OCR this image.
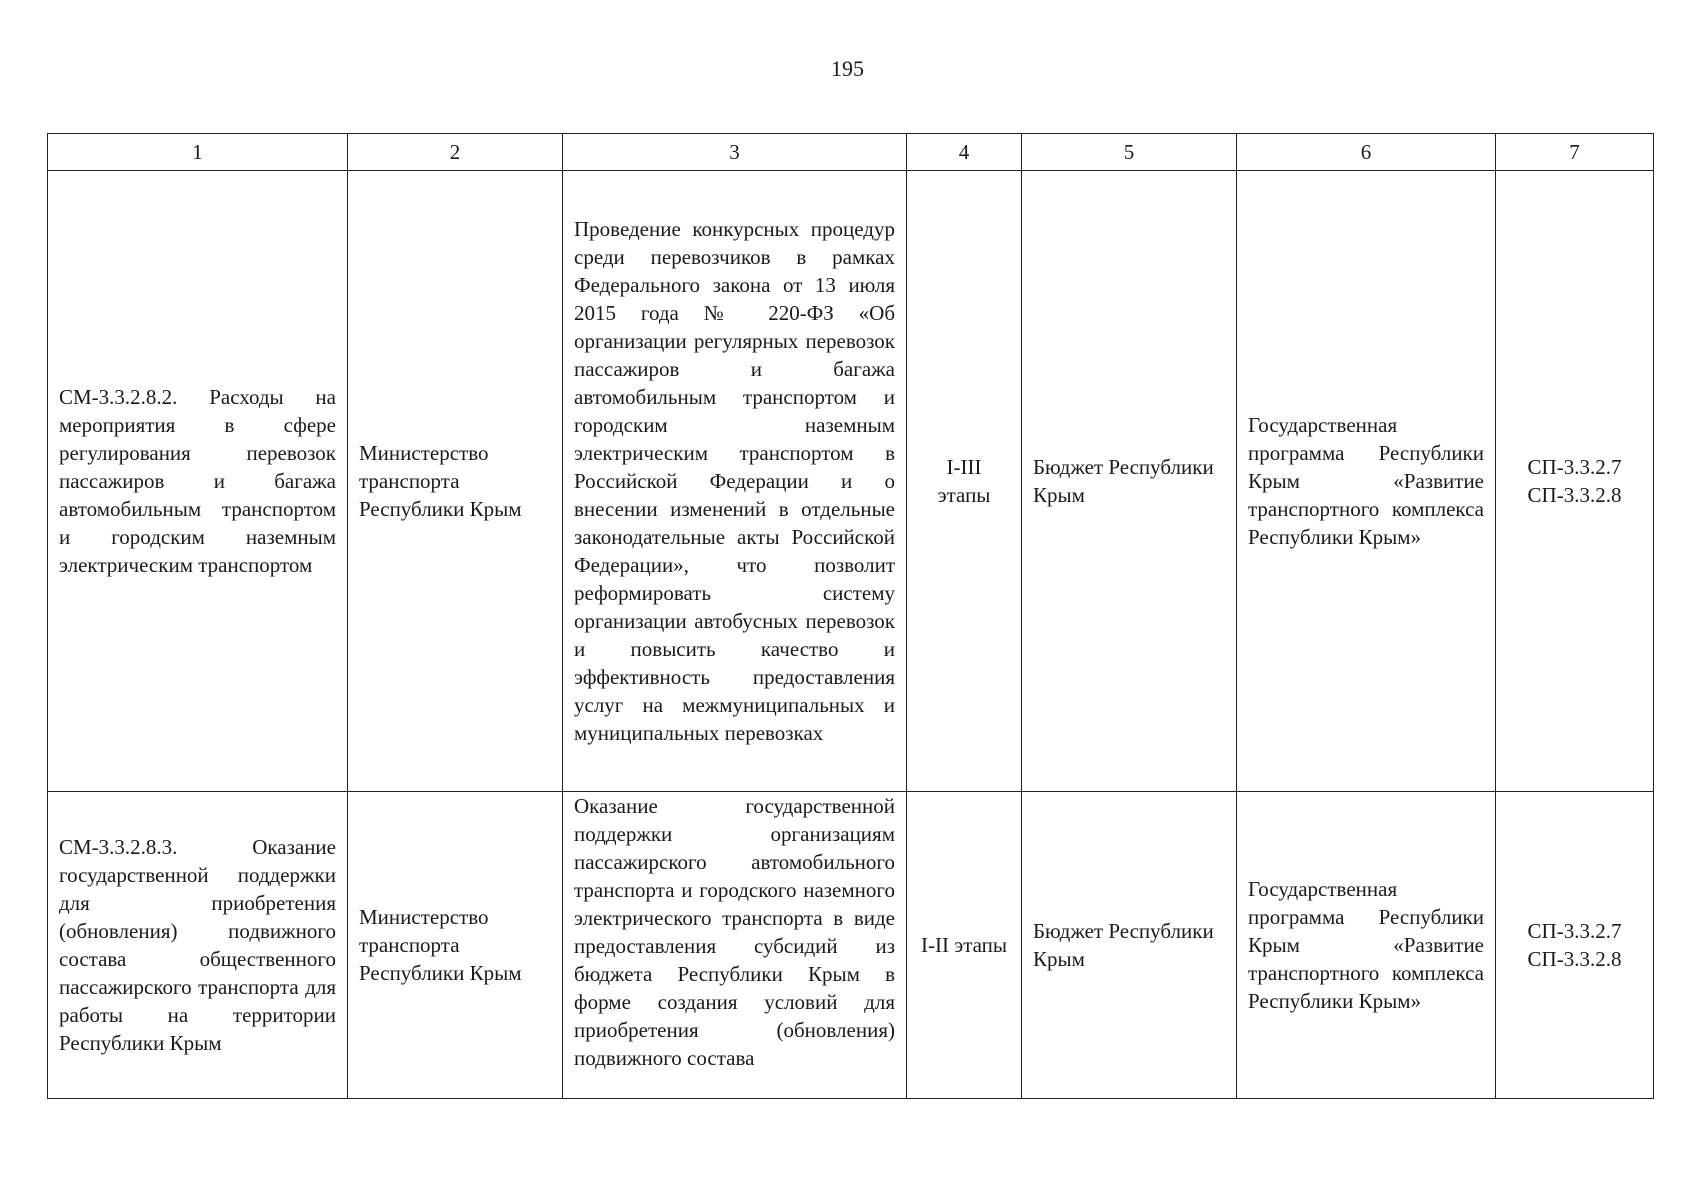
195
1	2	3	4	5	6	7
СМ-3.3.2.8.2. Расходы на мероприятия в сфере регулирования перевозок пассажиров и багажа автомобильным транспортом и городским наземным электрическим транспортом	Министерство транспорта Республики Крым	Проведение конкурсных процедур среди перевозчиков в рамках Федерального закона от 13 июля 2015 года № 220-ФЗ «Об организации регулярных перевозок пассажиров и багажа автомобильным транспортом и городским наземным электрическим транспортом в Российской Федерации и о внесении изменений в отдельные законодательные акты Российской Федерации», что позволит реформировать систему организации автобусных перевозок и повысить качество и эффективность предоставления услуг на межмуниципальных и муниципальных перевозках	I-III этапы	Бюджет Республики Крым	Государственная программа Республики Крым «Развитие транспортного комплекса Республики Крым»	СП-3.3.2.7
СП-3.3.2.8

СМ-3.3.2.8.3. Оказание государственной поддержки для приобретения (обновления) подвижного состава общественного пассажирского транспорта для работы на территории Республики Крым	Министерство транспорта Республики Крым	Оказание государственной поддержки организациям пассажирского автомобильного транспорта и городского наземного электрического транспорта в виде предоставления субсидий из бюджета Республики Крым в форме создания условий для приобретения (обновления) подвижного состава	I-II этапы	Бюджет Республики Крым	Государственная программа Республики Крым «Развитие транспортного комплекса Республики Крым»	СП-3.3.2.7
СП-3.3.2.8
